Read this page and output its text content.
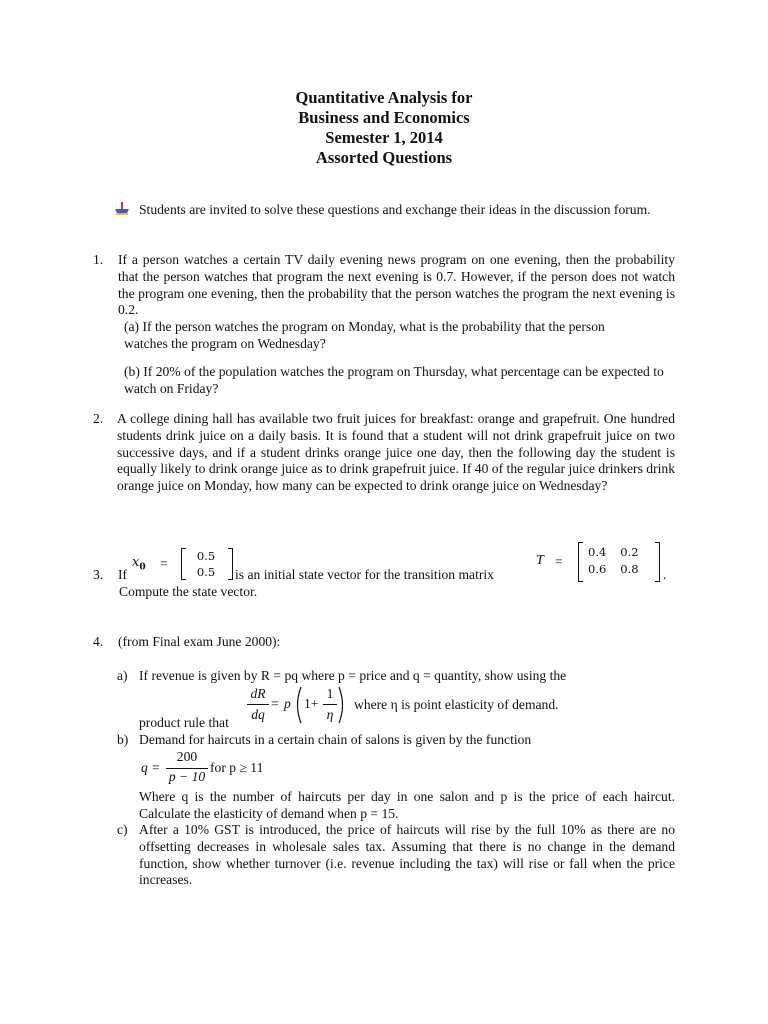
Quantitative Analysis for
Business and Economics
Semester 1, 2014
Assorted Questions
Students are invited to solve these questions and exchange their ideas in the discussion forum.
1. If a person watches a certain TV daily evening news program on one evening, then the probability that the person watches that program the next evening is 0.7. However, if the person does not watch the program one evening, then the probability that the person watches the program the next evening is 0.2.
(a) If the person watches the program on Monday, what is the probability that the person watches the program on Wednesday?
(b) If 20% of the population watches the program on Thursday, what percentage can be expected to watch on Friday?
2. A college dining hall has available two fruit juices for breakfast: orange and grapefruit. One hundred students drink juice on a daily basis. It is found that a student will not drink grapefruit juice on two successive days, and if a student drinks orange juice one day, then the following day the student is equally likely to drink orange juice as to drink grapefruit juice. If 40 of the regular juice drinkers drink orange juice on Monday, how many can be expected to drink orange juice on Wednesday?
3. If
$x_0$ =	0.5
0.5	is an initial state vector for the transition matrix
T =
0.4 0.2
0.6 0.8 .
Compute the state vector.
4. (from Final exam June 2000):
a) If revenue is given by R = pq where p = price and q = quantity, show using the
dR
dq
= p 1+
1
η
where η is point elasticity of demand.
product rule that
b) Demand for haircuts in a certain chain of salons is given by the function
q =
200
p − 10
for p ≥ 11
Where q is the number of haircuts per day in one salon and p is the price of each haircut. Calculate the elasticity of demand when p = 15.
c) After a 10% GST is introduced, the price of haircuts will rise by the full 10% as there are no offsetting decreases in wholesale sales tax. Assuming that there is no change in the demand function, show whether turnover (i.e. revenue including the tax) will rise or fall when the price increases.
